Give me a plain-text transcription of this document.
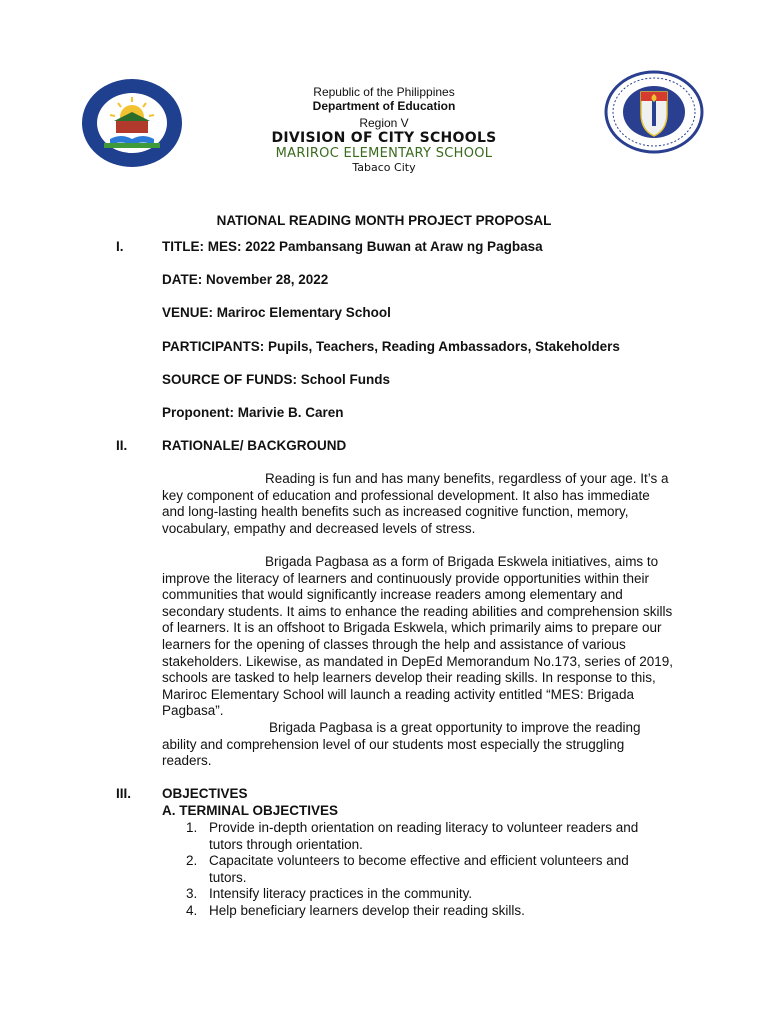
Republic of the Philippines
Department of Education
Region V
DIVISION OF CITY SCHOOLS
MARIROC ELEMENTARY SCHOOL
Tabaco City
NATIONAL READING MONTH PROJECT PROPOSAL
I.	TITLE: MES: 2022 Pambansang Buwan at Araw ng Pagbasa
DATE: November 28, 2022
VENUE: Mariroc Elementary School
PARTICIPANTS: Pupils, Teachers, Reading Ambassadors, Stakeholders
SOURCE OF FUNDS: School Funds
Proponent: Marivie B. Caren
II.	RATIONALE/ BACKGROUND
Reading is fun and has many benefits, regardless of your age. It’s a key component of education and professional development. It also has immediate and long-lasting health benefits such as increased cognitive function, memory, vocabulary, empathy and decreased levels of stress.
Brigada Pagbasa as a form of Brigada Eskwela initiatives, aims to improve the literacy of learners and continuously provide opportunities within their communities that would significantly increase readers among elementary and secondary students. It aims to enhance the reading abilities and comprehension skills of learners. It is an offshoot to Brigada Eskwela, which primarily aims to prepare our learners for the opening of classes through the help and assistance of various stakeholders. Likewise, as mandated in DepEd Memorandum No.173, series of 2019, schools are tasked to help learners develop their reading skills. In response to this, Mariroc Elementary School will launch a reading activity entitled “MES: Brigada Pagbasa”.
Brigada Pagbasa is a great opportunity to improve the reading ability and comprehension level of our students most especially the struggling readers.
III. OBJECTIVES
A. TERMINAL OBJECTIVES
1. Provide in-depth orientation on reading literacy to volunteer readers and tutors through orientation.
2. Capacitate volunteers to become effective and efficient volunteers and tutors.
3. Intensify literacy practices in the community.
4. Help beneficiary learners develop their reading skills.
